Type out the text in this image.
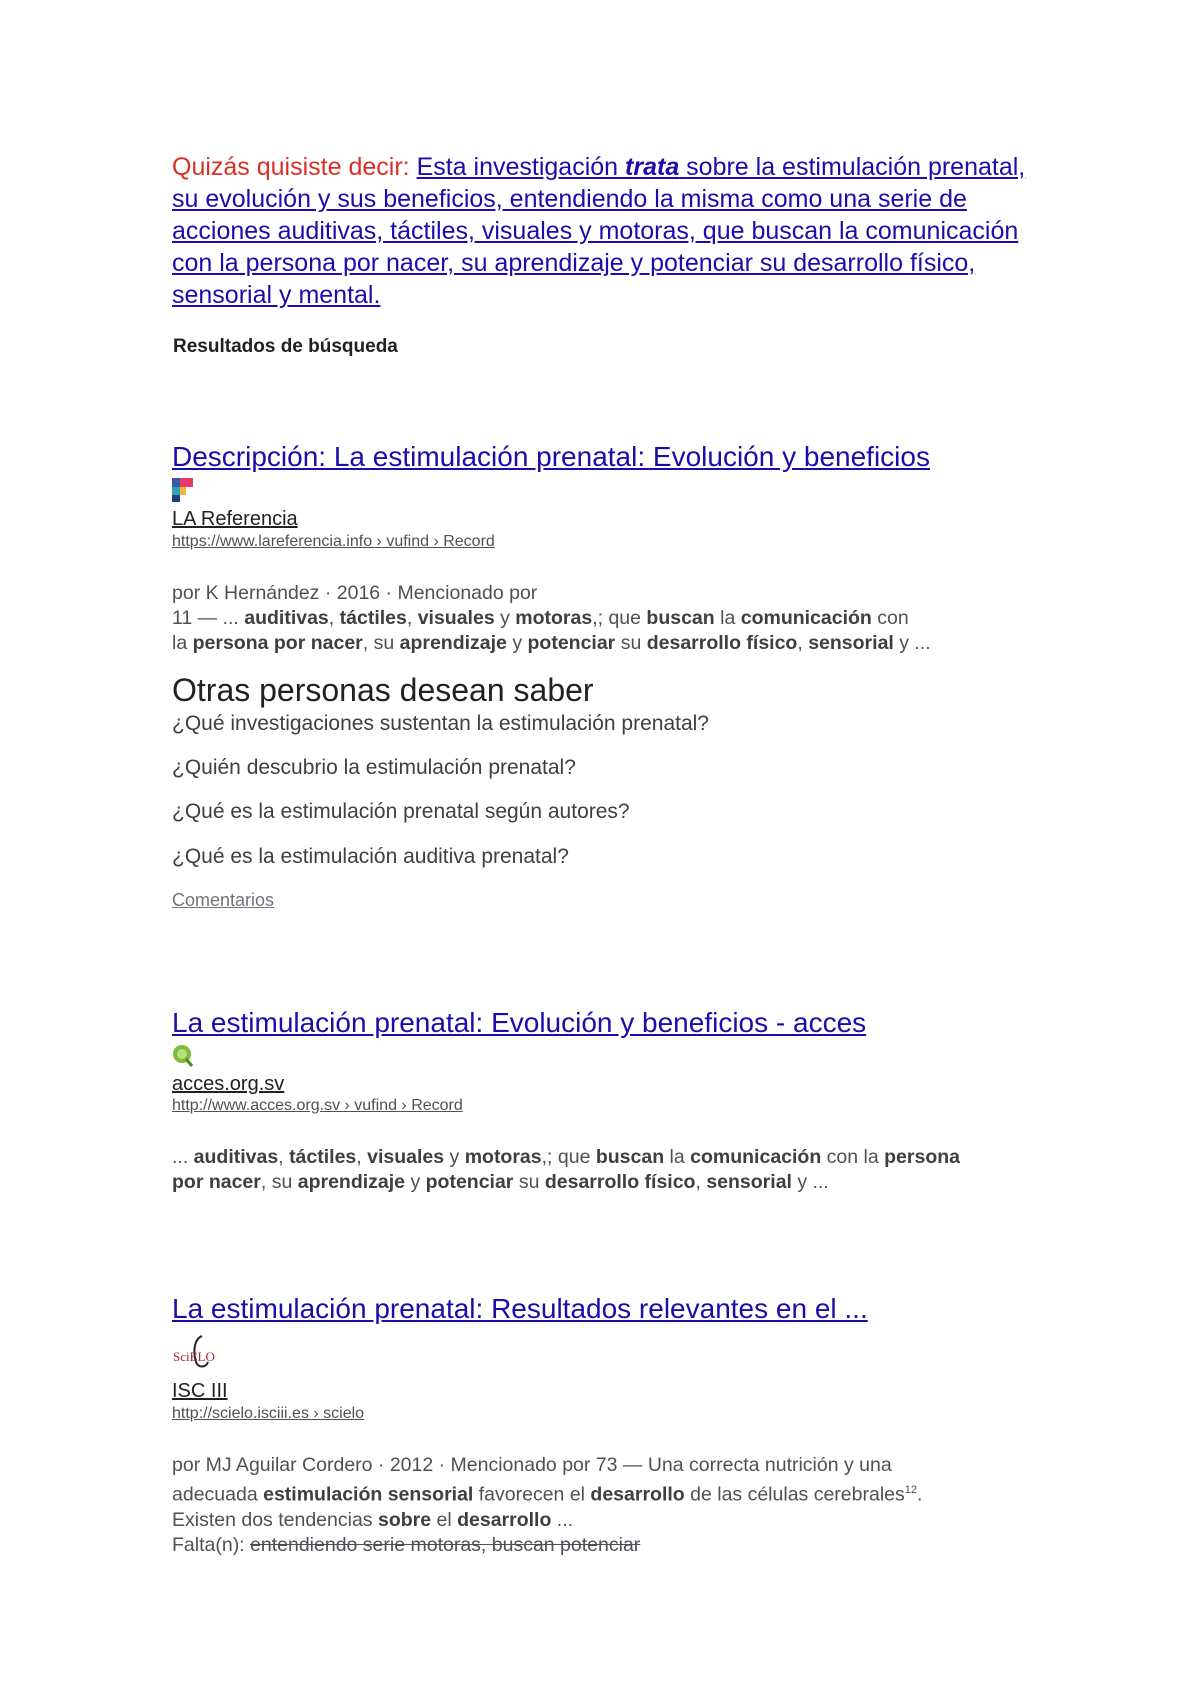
Quizás quisiste decir: Esta investigación trata sobre la estimulación prenatal, su evolución y sus beneficios, entendiendo la misma como una serie de acciones auditivas, táctiles, visuales y motoras, que buscan la comunicación con la persona por nacer, su aprendizaje y potenciar su desarrollo físico, sensorial y mental.
Resultados de búsqueda
Descripción: La estimulación prenatal: Evolución y beneficios
LA Referencia
https://www.lareferencia.info › vufind › Record
por K Hernández · 2016 · Mencionado por
11 — ... auditivas, táctiles, visuales y motoras,; que buscan la comunicación con
la persona por nacer, su aprendizaje y potenciar su desarrollo físico, sensorial y ...
Otras personas desean saber
¿Qué investigaciones sustentan la estimulación prenatal?
¿Quién descubrio la estimulación prenatal?
¿Qué es la estimulación prenatal según autores?
¿Qué es la estimulación auditiva prenatal?
Comentarios
La estimulación prenatal: Evolución y beneficios - acces
acces.org.sv
http://www.acces.org.sv › vufind › Record
... auditivas, táctiles, visuales y motoras,; que buscan la comunicación con la persona
por nacer, su aprendizaje y potenciar su desarrollo físico, sensorial y ...
La estimulación prenatal: Resultados relevantes en el ...
SciELO
ISC III
http://scielo.isciii.es › scielo
por MJ Aguilar Cordero · 2012 · Mencionado por 73 — Una correcta nutrición y una
adecuada estimulación sensorial favorecen el desarrollo de las células cerebrales$^{12}$.
Existen dos tendencias sobre el desarrollo ...
Falta(n): entendiendo serie motoras, buscan potenciar
